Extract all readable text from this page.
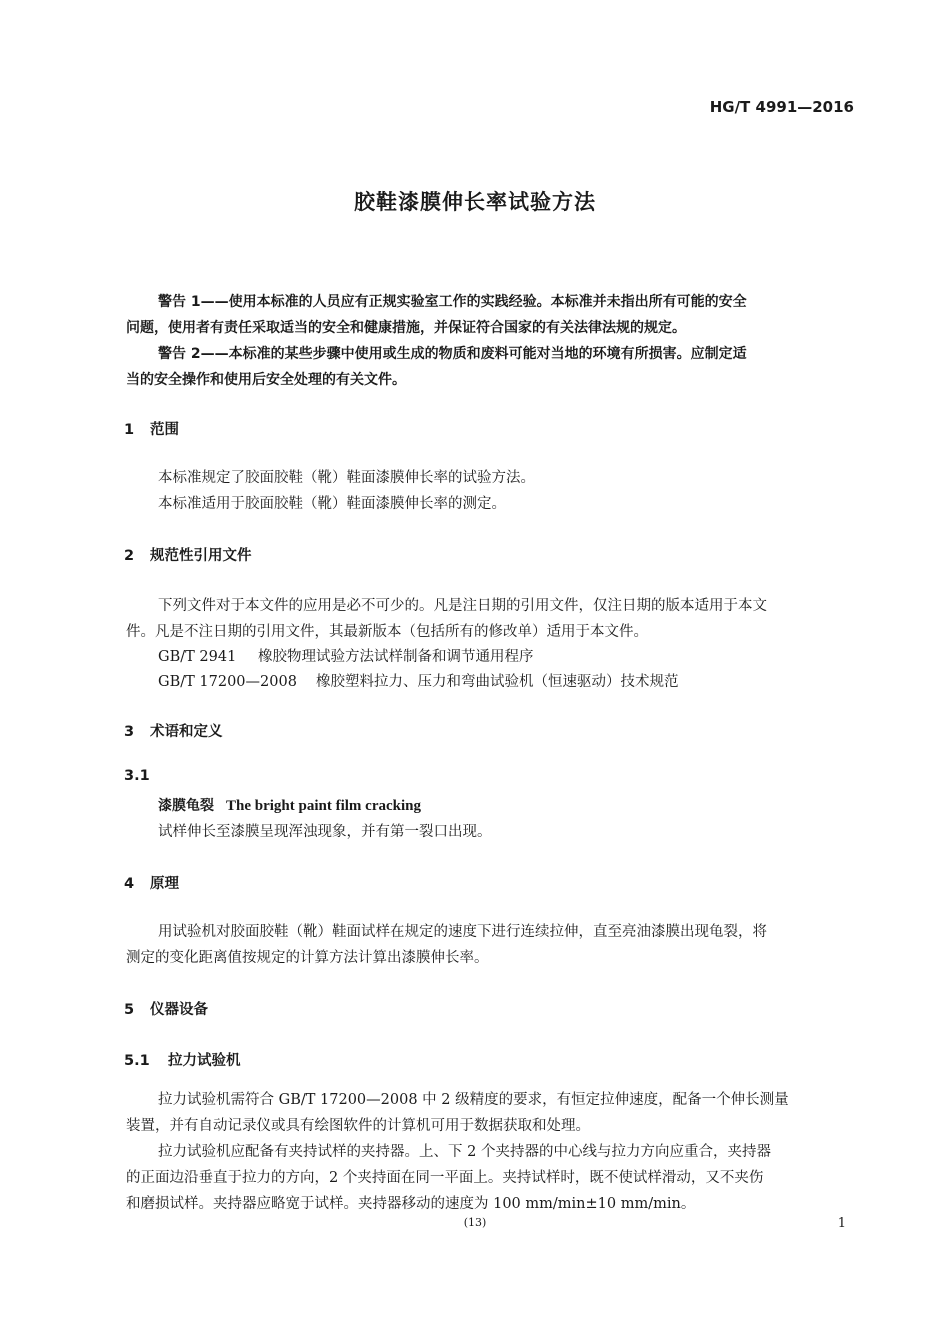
HG/T 4991—2016
胶鞋漆膜伸长率试验方法
警告 1——使用本标准的人员应有正规实验室工作的实践经验。本标准并未指出所有可能的安全
问题，使用者有责任采取适当的安全和健康措施，并保证符合国家的有关法律法规的规定。
警告 2——本标准的某些步骤中使用或生成的物质和废料可能对当地的环境有所损害。应制定适
当的安全操作和使用后安全处理的有关文件。
1 范围
本标准规定了胶面胶鞋（靴）鞋面漆膜伸长率的试验方法。
本标准适用于胶面胶鞋（靴）鞋面漆膜伸长率的测定。
2 规范性引用文件
下列文件对于本文件的应用是必不可少的。凡是注日期的引用文件，仅注日期的版本适用于本文
件。凡是不注日期的引用文件，其最新版本（包括所有的修改单）适用于本文件。
GB/T 2941 橡胶物理试验方法试样制备和调节通用程序
GB/T 17200—2008 橡胶塑料拉力、压力和弯曲试验机（恒速驱动）技术规范
3 术语和定义
3.1
漆膜龟裂 The bright paint film cracking
试样伸长至漆膜呈现浑浊现象，并有第一裂口出现。
4 原理
用试验机对胶面胶鞋（靴）鞋面试样在规定的速度下进行连续拉伸，直至亮油漆膜出现龟裂，将
测定的变化距离值按规定的计算方法计算出漆膜伸长率。
5 仪器设备
5.1 拉力试验机
拉力试验机需符合 GB/T 17200—2008 中 2 级精度的要求，有恒定拉伸速度，配备一个伸长测量
装置，并有自动记录仪或具有绘图软件的计算机可用于数据获取和处理。
拉力试验机应配备有夹持试样的夹持器。上、下 2 个夹持器的中心线与拉力方向应重合，夹持器
的正面边沿垂直于拉力的方向，2 个夹持面在同一平面上。夹持试样时，既不使试样滑动，又不夹伤
和磨损试样。夹持器应略宽于试样。夹持器移动的速度为 100 mm/min±10 mm/min。
(13)	1
